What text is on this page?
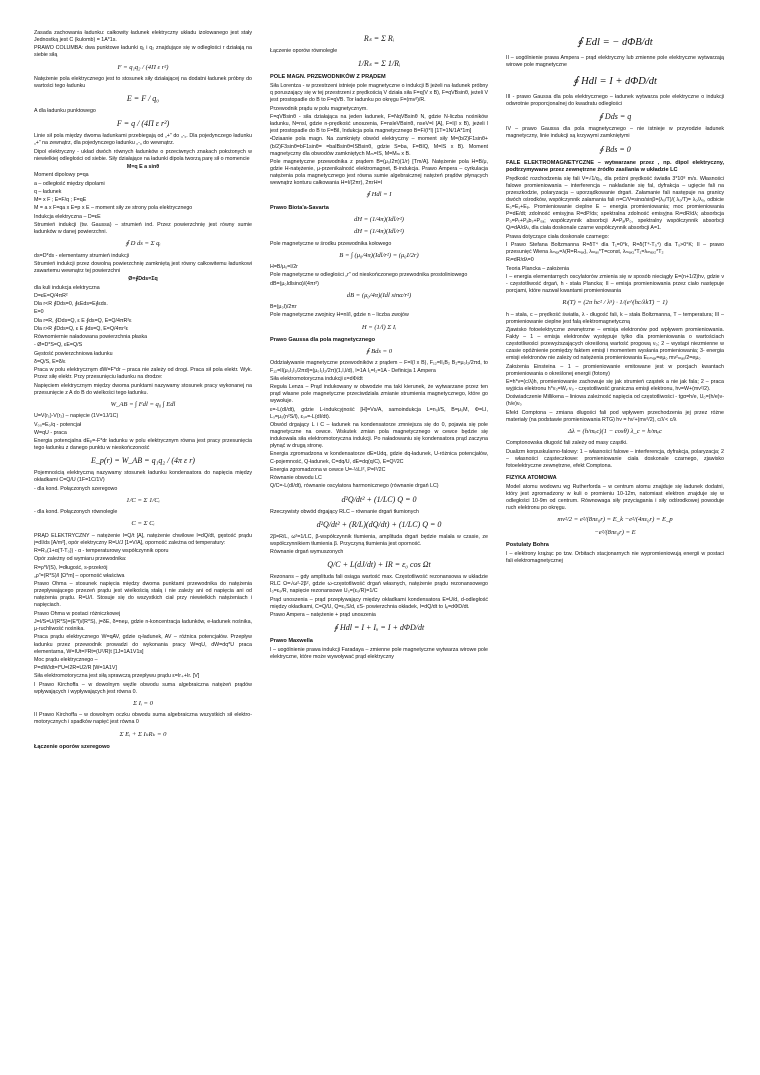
Zasada zachowania ładunku: całkowity ładunek elektryczny układu izolowanego jest stały Jednostką jest C (kulomb) = 1A*1s.

PRAWO COLUMBA: dwa punktowe ładunki q₁ i q₂ znajdujące się w odległości r działają na siebie siłą

F = q₁q₂ / (4Π ε r²)

Natężenie pola elektrycznego jest to stosunek siły działającej na dodatni ładunek próbny do wartości tego ładunku

E = F / q₀

A dla ładunku punktowego

F = q / (4Π ε r²)

Linie sił pola między dwoma ładunkami przebiegają od „+” do „-„. Dla pojedynczego ładunku „+” na zewnątrz, dla pojedynczego ładunku „-„ do wewnątrz.

Dipol elektryczny - układ dwóch równych ładunków o przeciwnych znakach położonych w niewielkiej odległości od siebie. Siły działające na ładunki dipola tworzą parę sił o momencie

M=q E a sinθ

Moment dipolowy p=qa

a – odległość między dipolami

q – ładunek

M= x F ; E=F/q ; F=qE

M = a x F=qa x E=p x E – moment siły ze strony pola elektrycznego

Indukcja elektryczna – D=εE

Strumień indukcji (tw. Gaussa) – strumień ind. Przez powierzchnię jest równy sumie ładunków w danej powierzchni.

∮ D ds = Σ qᵢ

ds=D*ds - elementarny strumień indukcji

Strumień indukcji przez dowolną powierzchnię zamkniętą jest równy całkowitemu ładunkowi zawartemu wewnątrz tej powierzchni

Ø=∮Dds=Σq

dla kuli indukcja elektryczna

D=εE=Q/4πR²

Dla r<R ∮Dds=0, ∮εEds=E∮εds.

E=0

Dla r=R, ∮Dds=Q, ε E ∮ds=Q, E=Q/4πR²ε

Dla r>R ∮Dds=Q, ε E ∮ds=Q, E=Q/4πr²ε

Równomiernie naładowana powierzchnia płaska

- Ø=D*S=Q, εE=Q/S

Gęstość powierzchniowa ładunku

δ=Q/S, E=δ/ε

Praca w polu elektrycznym dW=F*dr – praca nie zależy od drogi. Praca sił pola elektr. Wyk. Przez siłę elektr. Przy przesunięciu ładunku na drodze:

Napięciem elektrycznym między dwoma punktami nazywamy stosunek pracy wykonanej na przesunięcie z A do B do wielkości tego ładunku.

W_AB = ∫ Fdl = q₀ ∫ Edl

U=V(r₁)-V(r₂) – napięcie (1V=1J/1C)

V₀₀=E₀/q - potencjał

W=qU - praca

Energia potencjalna dEₚ=-F*dr ładunku w polu elektrycznym równa jest pracy przesunięcia tego ładunku z danego punktu w nieskończoność

E_p(r) = W_AB = q₁q₂ / (4π ε r)

Pojemnością elektryczną nazywamy stosunek ładunku kondensatora do napięcia między okładkami C=Q/U (1F=1C/1V)

- dla kond. Połączonych szeregowo

1/C = Σ 1/Cᵢ

- dla kond. Połączonych równolegle

C = Σ Cᵢ

PRĄD ELEKTRYCZNY – natężenie I=Q/t [A], natężenie chwilowe I=dQ/dt, gęstość prądu j=dI/ds [A/m²], opór elektryczny R=U/J [1=V/A], oporność zależna od temperatury:

R=R₀(1+α(T-T₀)) - α - temperaturowy współczynnik oporu

Opór zależny od wymiaru przewodnika:

R=ρ*l/(S), l=długość, s-przekrój

„ρ”=(R*S)/l [Ω*m] – oporność właściwa

Prawo Ohma – stosunek napięcia między dwoma punktami przewodnika do natężenia przepływającego przezeń prądu jest wielkością stałą i nie zależy ani od napięcia ani od natężenia prądu. R=U/I. Stosuje się do wszystkich ciał przy niewielkich natężeniach i napięciach.

Prawo Ohma w postaci różniczkowej

J=I/S=U/(R*S)=(E*l)/(R*S), j=δE, δ=neμ, gdzie n-koncentracja ładunków, e-ładunek nośnika, μ-ruchliwość nośnika.

Praca prądu elektrycznego W=qAV, gdzie q-ładunek, AV – różnica potencjałów. Przepływ ładunku przez przewodnik prowadzi do wykonania pracy W=qU, dW=dq*U praca elementarna, W=IUt=I²Rt=(U²/R)t [1J=1A1V1s]

Moc prądu elektrycznego –

P=dW/dt=I*U=I2R=U2/R [W=1A1V]

Siła elektromotoryczna jest siłą sprawczą przepływu prądu ε=Ir₊+Ir. [V]

I Prawo Kirchoffa – w dowolnym węźle obwodu suma algebraiczna natężeń prądów wpływających i wypływających jest równa 0.

Σ Iᵢ = 0

II Prawo Kirchoffa – w dowolnym oczku obwodu suma algebraiczna wszystkich sił elektro-motorycznych i spadków napięć jest równa 0

Σ Eᵢ + Σ IₖRₖ = 0
Łączenie oporów szeregowo
Rₛ = Σ Rᵢ

Łączenie oporów równolegle

1/Rₛ = Σ 1/Rᵢ
POLE MAGN. PRZEWODNIKÓW Z PRĄDEM

Siła Lorentza - w przestrzeni istnieje pole magnetyczne o indukcji B jeżeli na ładunek próbny q poruszający się w tej przestrzeni z prędkością V działa siła F=q(V x B), F=qVBsinθ, jeżeli V jest prostopadle do B to F=qVB. Tor ładunku po okręgu F=(mv²)/R.

Przewodnik prądu w polu magnetycznym.

F=qVBsinθ - siła działająca na jeden ładunek, F=NqVBsinθ N, gdzie N-liczba nośników ładunku, N=nsl, gdzie n-prędkość unoszenia, F=nsleVBsinθ, nseV=I [A], F=I(l x B), jeżeli l jest prostopadle do B to F=Bil, Indukcja pola magnetycznego B=F/(I*l) [1T=1N/1A*1m]

•Dziaanie pola magn. Na zamknięty obwód elektryczny – moment siły M=(b/2)F1sinθ+(b/2)F3sinθ=bF1sinθ= =baIBsinθ=ISBsinθ, gdzie S=ba, F=BIQ, M=IS x B). Moment magnetyczny dla obwodów zamkniętych Mₘ=IS, M=Mₘ x B.

Pole magnetyczne przewodnika z prądem B=(μ₀I2π)(1/r) [Tm/A]. Natężenie pola H=B/μ, gdzie H-natężenie, μ-przenikalność elektromagnet, B-indukcja. Prawo Ampera – cyrkulacja natężenia pola magnetycznego jest równa sumie algebraicznej natężeń prądów płynących wewnątrz konturu całkowania H=I/(2πr), 2πrH=I

∮ Hdl = I
Prawo Biota'a-Savarta
dH = (1/4π)(Idl/r²)
dH = (1/4π)(Idl/r²)

Pole magnetyczne w środku przewodnika kołowego

B = ∫ (μ₀/4π)(Idl/r²) = (μ₀I/2r)

H=B/μ₀=I/2r

Pole magnetyczne w odległości „r” od nieskończonego przewodnika prostoliniowego

dB=(μ₀Idlsinα)/(4πr²)

dB = (μ₀/4π)(Idl sinα/r²)

B=(μ₀I)/2πr

Pole magnetyczne zwojnicy H=nI/l, gdzie n – liczba zwojów

H = (1/l) Σ Iᵢ
Prawo Gaussa dla pola magnetycznego
∮ Bds = 0

Oddziaływanie magnetyczne przewodników z prądem – F=I(l x B), F₁₂=Il₁B₂ B₂=μ₀I₂/2πd, to F₁₂=Il(μ₀I₁I₂/2πd)=(μ₀I₁I₂/2π)(1,l,l/d), I=1A I₁=I₂=1A - Definicja 1 Ampera

Siła elektromotoryczna indukcji ε=dΦ/dt

Reguła Lenza – Prąd indukowany w obwodzie ma taki kierunek, że wytwarzane przez ten prąd własne pole magnetyczne przeciwdziała zmianie strumienia magnetycznego, które go wywołuje.

ε=-L(dI/dt), gdzie L-indukcyjność [H]=Vs/A, samoindukcja L=n₀l/S, B=μ₀M, Φ=LI, Lₛ=μ₀(n²S/l), εₛₙ=-L(dI/dt).

Obwód drgający L i C – ładunek na kondensatorze zmniejsza się do 0, pojawia się pole magnetyczne na cewce. Wskutek zmian pola magnetycznego w cewce będzie się indukowała siła elektromotoryczna indukcji. Po naładowaniu się kondensatora prąd zaczyna płynąć w drugą stronę.

Energia zgromadzona w kondensatorze dE=Udq, gdzie dq-ładunek, U-różnica potencjałów, C-pojemność, Q-ładunek, C=dq/U, dE=dq(q/C), E=Q²/2C

Energia zgromadzona w cewce U=-½LI², P=I²/2C

Równanie obwodu LC

Q/C=-L(dI/dt), równanie oscylatora harmonicznego (równanie drgań LC)

d²Q/dt² + (1/LC) Q = 0

Rzeczywisty obwód drgający RLC – równanie drgań tłumionych

d²Q/dt² + (R/L)(dQ/dt) + (1/LC) Q = 0

2β=R/L, ω²=1/LC, β-współczynnik tłumienia, amplituda drgań będzie malała w czasie, ze współczynnikiem tłumienia β. Przyczyną tłumienia jest oporność.

Równanie drgań wymuszonych

Q/C + L(dJ/dt) + IR = ε₀ cos Ωt

Rezonans – gdy amplituda fali osiąga wartość max. Częstotliwość rezonansowa w układzie RLC Ω=√ω²-2β², gdzie ω-częstotliwość drgań własnych, natężenie prądu rezonansowego I₀=ε₀/R, napięcie rezonansowe U₀=(ε₀/R)=1/C

Prąd unoszenia – prąd przepływający między okładkami kondensatora E=U/d, d-odległość między okładkami, C=Q/U, Q=ε₀S/d, εS- powierzchnia okładek, I=dQ/dt to Iₑ=dΦD/dt.

Prawo Ampera – natężenie + prąd unoszenia

∮ Hdl = I + Iᵤ = I + dΦD/dt
Prawo Maxwella

I – uogólnienie prawa indukcji Faradaya – zmienne pole magnetyczne wytwarza wirowe pole elektryczne, które może wywoływać prąd elektryczny

∮ Edl = − dΦB/dt

II – uogólnienie prawa Ampera – prąd elektryczny lub zmienne pole elektryczne wytwarzają wirowe pole magnetyczne

∮ Hdl = I + dΦD/dt

III - prawo Gaussa dla pola elektrycznego – ładunek wytwarza pole elektryczne o indukcji odwrotnie proporcjonalnej do kwadratu odległości

∮ Dds = q

IV – prawo Gaussa dla pola magnetycznego – nie istnieje w przyrodzie ładunek magnetyczny, linie indukcji są krzywymi zamkniętymi

∮ Bds = 0
FALE ELEKTROMAGNETYCZNE – wytwarzane przez , np. dipol elektryczny, podtrzymywane przez zewnętrzne źródło zasilania w układzie LC

Prędkość rozchodzenia się fali V=√1/q₀, dla próżni prędkość światła 3*10⁸ m/s. Własności falowe promieniowania – interferencja – nakładanie się fal, dyfrakcja – ugięcie fali na przeszkodzie, polaryzacja – uporządkowanie drgań. Załamanie fali następuje na granicy dwóch ośrodków, współczynnik załamania fali n=C/V=sinα/sinβ=(λ₀/T)/( λ₀/T)= λ₀/λ₀, odbicie E₀=E₁+Eₚ. Promieniowanie cieplne E – energia promieniowania; moc promieniowania P=dE/dt; zdolność emisyjna R=dP/ds; spektralna zdolność emisyjna Rₗ=dR/dλ; absorbcja P₀=Pₜ+Pₐbₛ+P₀ₐ; współczynnik absorbcji A=Pₐ/P₀, spektralny współczynnik absorbcji Qₗ=dA/dλₗ, dla ciała doskonale czarne współczynnik absorbcji A=1.

Prawa dotyczące ciała doskonale czarnego:

I Prawo Stefana Boltzmanna R=δT⁴ dla T₁=0°k, R=δ(T⁴-T₀⁴) dla T₀>0°K; II – prawo przesunięć Wiena λₘₐₓ=λ(R=Rₘₐₓ), λₘₐₓ*T=const, λₘₐₓ₁*T₁=λₘₐₓ₂*T₂

Rₗ=dR/dλ=0

Teoria Plancka – założenia

I – energia elementarnych oscylatorów zmienia się w sposób nieciągły E=(n+1/2)hν, gdzie ν - częstotliwość drgań, h - stała Plancka; II – emisja promieniowania przez ciało następuje porcjami, które nazwał kwantami promieniowania

Rₗ(T) = (2π hc² / λ⁵) · 1/(e^(hc/λkT) − 1)

h – stała, c – prędkość światła, λ - długość fali, k – stała Boltzmanna, T – temperatura; III – promieniowanie cieplne jest falą elektromagnetyczną

Zjawisko fotoelektryczne zewnętrzne – emisja elektronów pod wpływem promieniowania. Fakty – 1 – emisja elektronów występuje tylko dla promieniowania o wartościach częstotliwości przewyższających określoną wartość progową ν₀; 2 – wystąpi niezmienne w czasie opóźnienie pomiędzy faktem emisji i momentem wysłania promieniowania; 3- energia emisji elektronów nie zależy od natężenia promieniowania Eₖₘₐₓ=eμ₀ mv²ₘₐₓ/2=eμ₀

Założenia Einsteina – 1 – promieniowanie emitowane jest w porcjach kwantach promieniowania o określonej energii (fotony)

E=h*ν=(c/λ)h, promieniowanie zachowuje się jak strumień cząstek a nie jak fala; 2 – praca wyjścia elektronu h*ν₀=Wᵥ ν₀ - częstotliwość graniczna emisji elektronu, hν=W+(mv²/2).

Doświadczenie Millikena – liniowa zależność napięcia od częstotliwości - tgα=h/e, U₀=(h/e)ν-(h/e)ν₀

Efekt Comptona – zmiana długości fali pod wpływem przechodzenia jej przez różne materiały (na podstawie promieniowania RTG) hν = hν'+(mv²/2), c/λ'< c/λ

Δλ = (h/mₑc)(1 − cosθ) λ_c = h/mₑc

Comptonowska długość fali zależy od masy cząstki.

Dualizm korpuskularno-falowy: 1 – własności falowe – interferencja, dyfrakcja, polaryzacja; 2 – własności cząsteczkowe: promieniowanie ciała doskonale czarnego, zjawisko fotoelektryczne zewnętrzne, efekt Comptona.

FIZYKA ATOMOWA

Model atomu wodowru wg Rutherforda – w centrum atomu znajduje się ładunek dodatni, który jest zgromadzony w kuli o promieniu 10-12m, natomiast elektron znajduje się w odległości 10-9m od centrum. Równowaga siły przyciągania i siły odśrodkowej powoduje ruch elektronu po okręgu.

mv²/2 = e²/(8πε₀r) = E_k −e²/(4πε₀r) = E_p
−e²/(8πε₀r) = E
Postulaty Bohra

I – elektrony krążąc po tzw. Orbitach stacjonarnych nie wypromieniowują energii w postaci fali elektromagnetycznej
